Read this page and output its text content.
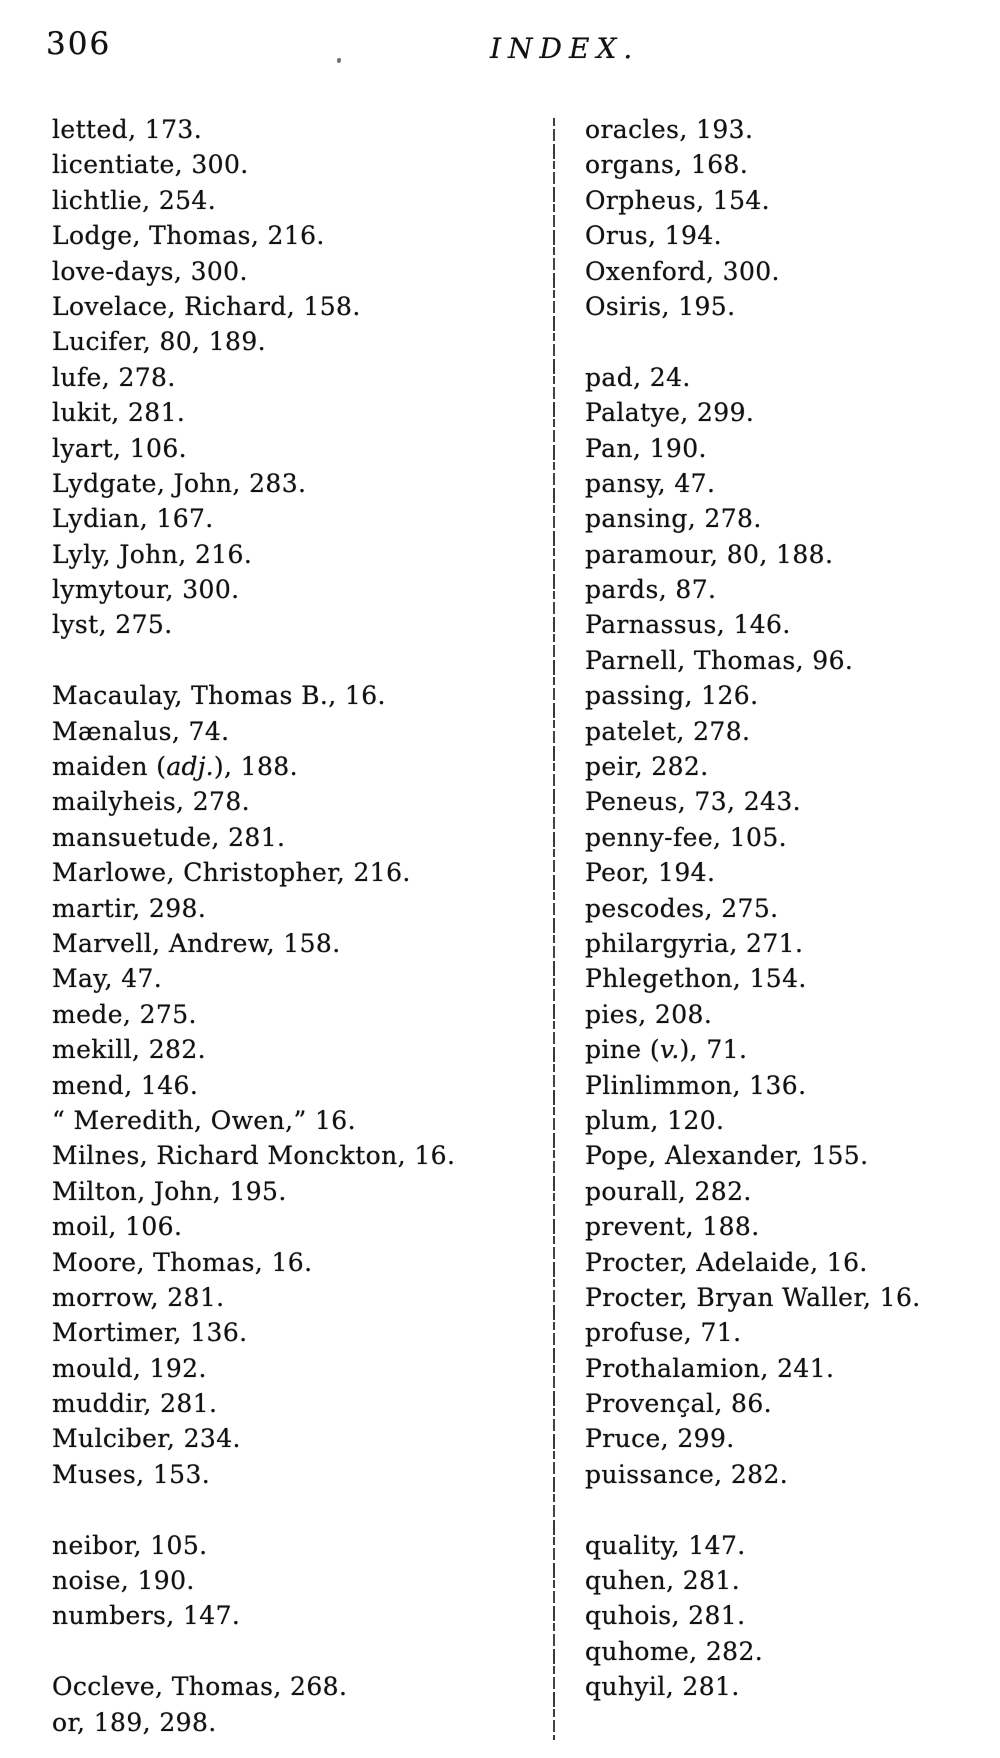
306	INDEX.
letted, 173.
licentiate, 300.
lichtlie, 254.
Lodge, Thomas, 216.
love-days, 300.
Lovelace, Richard, 158.
Lucifer, 80, 189.
lufe, 278.
lukit, 281.
lyart, 106.
Lydgate, John, 283.
Lydian, 167.
Lyly, John, 216.
lymytour, 300.
lyst, 275.
Macaulay, Thomas B., 16.
Mænalus, 74.
maiden (adj.), 188.
mailyheis, 278.
mansuetude, 281.
Marlowe, Christopher, 216.
martir, 298.
Marvell, Andrew, 158.
May, 47.
mede, 275.
mekill, 282.
mend, 146.
“ Meredith, Owen,” 16.
Milnes, Richard Monckton, 16.
Milton, John, 195.
moil, 106.
Moore, Thomas, 16.
morrow, 281.
Mortimer, 136.
mould, 192.
muddir, 281.
Mulciber, 234.
Muses, 153.
neibor, 105.
noise, 190.
numbers, 147.
Occleve, Thomas, 268.
or, 189, 298.
oracles, 193.
organs, 168.
Orpheus, 154.
Orus, 194.
Oxenford, 300.
Osiris, 195.
pad, 24.
Palatye, 299.
Pan, 190.
pansy, 47.
pansing, 278.
paramour, 80, 188.
pards, 87.
Parnassus, 146.
Parnell, Thomas, 96.
passing, 126.
patelet, 278.
peir, 282.
Peneus, 73, 243.
penny-fee, 105.
Peor, 194.
pescodes, 275.
philargyria, 271.
Phlegethon, 154.
pies, 208.
pine (v.), 71.
Plinlimmon, 136.
plum, 120.
Pope, Alexander, 155.
pourall, 282.
prevent, 188.
Procter, Adelaide, 16.
Procter, Bryan Waller, 16.
profuse, 71.
Prothalamion, 241.
Provençal, 86.
Pruce, 299.
puissance, 282.
quality, 147.
quhen, 281.
quhois, 281.
quhome, 282.
quhyil, 281.
